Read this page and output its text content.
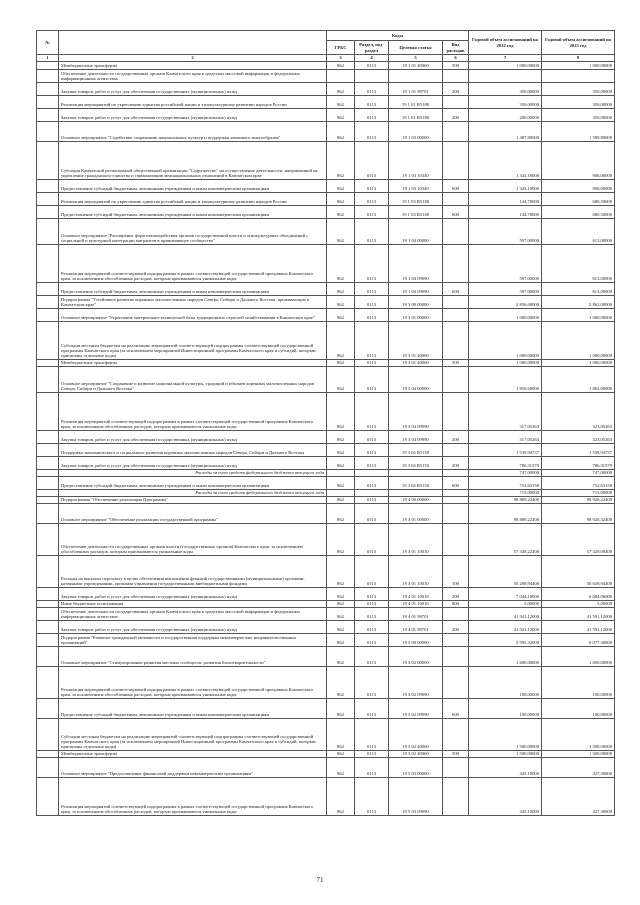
№		Коды				Годовой объем ассигнований на 2022 год	Годовой объем ассигнований на 2023 год
		ГРБС	Раздел, под-раздел	Целевая статья	Вид расходов		
1	2	3	4	5	6	7	8
	Межбюджетные трансферты	862	0113	19 1 01 40060	500	1 000,00000	1 000,00000
	Обеспечение деятельности государственных органов Камчатского края в средствах массовой информации и федеральных информационных агентствах						
	Закупка товаров, работ и услуг для обеспечения государственных (муниципальных) нужд	862	0113	19 1 01 98701	200	350,00000	350,00000
	Реализация мероприятий по укреплению единства российской нации и этнокультурному развитию народов России	862	0113	19 1 01 R5180		350,00000	350,00000
	Закупка товаров, работ и услуг для обеспечения государственных (муниципальных) нужд	862	0113	19 1 01 R5180	200	200,00000	350,00000
	Основное мероприятие "Содействие сохранению национальных культур и поддержки языкового многообразия"	862	0113	19 1 03 00000		1 487,80000	1 589,80000
	Субсидия Камчатской региональной общественной организации "Содружество" на осуществление деятельности, направленной на укрепление гражданского единства и гармонизацию межнациональных отношений в Камчатском крае	862	0113	19 1 03 10340		1 343,10000	906,00000
	Предоставление субсидий бюджетным, автономным учреждениям и иным некоммерческим организациям	862	0113	19 1 03 10340	600	1 343,10000	906,00000
	Реализация мероприятий по укреплению единства российской нации и этнокультурному развитию народов России	862	0113	19 1 03 R5180		144,70000	680,50000
	Предоставление субсидий бюджетным, автономным учреждениям и иным некоммерческим организациям	862	0113	19 1 03 R5180	600	144,70000	680,50000
	Основное мероприятие "Расширение форм взаимодействия органов государственной власти и этнокультурных объединений с социальной и культурной интеграции мигрантов в принимающее сообщество"	862	0113	19 1 04 00000		597,00000	613,00000
	Реализация мероприятий соответствующей подпрограммы в рамках соответствующей государственной программы Камчатского края, за исключением обособленных расходов, которым присваиваются уникальные коды	862	0113	19 1 04 09990		597,00000	613,00000
	Предоставление субсидий бюджетным, автономным учреждениям и иным некоммерческим организациям	862	0113	19 1 04 09990	600	597,00000	613,00000
	Подпрограмма "Устойчивое развитие коренных малочисленных народов Севера, Сибири и Дальнего Востока, проживающих в Камчатском крае"	862	0113	19 3 00 00000		2 856,60000	2 862,00000
	Основное мероприятие "Укрепление материально-технической базы традиционных отраслей хозяйствования в Камчатском крае"	862	0113	19 3 01 00000		1 000,00000	1 000,00000
	Субсидии местным бюджетам на реализацию мероприятий соответствующей подпрограммы соответствующей государственной программы Камчатского края (за исключением мероприятий Инвестиционной программы Камчатского края и субсидий, которым присвоены отдельные коды)	862	0113	19 3 01 40060		1 000,00000	1 000,00000
	Межбюджетные трансферты	862	0113	19 3 01 40060	500	1 000,00000	1 000,00000
	Основное мероприятие "Сохранение и развитие национальной культуры, традиций и обычаев коренных малочисленных народов Севера, Сибири и Дальнего Востока"	862	0113	19 3 04 00000		1 856,60000	1 862,00000
	Реализация мероприятий соответствующей подпрограммы в рамках соответствующей государственной программы Камчатского края, за исключением обособленных расходов, которым присваиваются уникальные коды	862	0113	19 3 04 09990		317,05263	323,05263
	Закупка товаров, работ и услуг для обеспечения государственных (муниципальных) нужд	862	0113	19 3 04 09990	200	317,05263	323,05263
	Поддержка экономического и социального развития коренных малочисленных народов Севера, Сибири и Дальнего Востока	862	0113	19 3 04 R5150		1 539,94737	1 538,94737
	Закупка товаров, работ и услуг для обеспечения государственных (муниципальных) нужд	862	0113	19 3 04 R5150	200	786,31579	786,31579
	Расходы за счет средств федерального бюджета текущего года					747,00000	747,00000
	Предоставление субсидий бюджетным, автономным учреждениям и иным некоммерческим организациям	862	0113	19 3 04 R5150	600	752,63158	752,63158
	Расходы за счет средств федерального бюджета текущего года					715,00000	715,00000
	Подпрограмма "Обеспечение реализации Программы"	862	0113	19 4 00 00000		98 889,22400	98 920,32400
	Основное мероприятие "Обеспечение реализации государственной программы"	862	0113	19 4 01 00000		98 889,22400	98 920,32400
	Обеспечение деятельности государственных органов власти (государственных органов) Камчатского края, за исключением обособленных расходов, которым присваиваются уникальные коды	862	0113	19 4 01 10010		57 348,22400	57 329,00400
	Расходы на выплаты персоналу в целях обеспечения выполнения функций государственными (муниципальными) органами, казенными учреждениями, органами управления государственными внебюджетными фондами	862	0113	19 4 01 10010	100	50 298,94400	50 639,94400
	Закупка товаров, работ и услуг для обеспечения государственных (муниципальных) нужд	862	0113	19 4 01 10010	200	7 044,18000	6 684,06000
	Иные бюджетные ассигнования	862	0113	19 4 01 10010	800	5,00000	5,00000
	Обеспечение деятельности государственных органов Камчатского края в средствах массовой информации и федеральных информационных агентствах	862	0113	19 4 01 98701		41 541,12000	41 591,12000
	Закупка товаров, работ и услуг для обеспечения государственных (муниципальных) нужд	862	0113	19 4 01 98701	200	41 541,12000	41 591,12000
	Подпрограмма "Развитие гражданской активности и государственная поддержка некоммерческих неправительственных организаций"	862	0113	19 5 00 00000		5 595,32000	6 077,30000
	Основное мероприятие "Стимулирование развития местных сообществ, развития благотворительности"	862	0113	19 5 02 00000		1 600,00000	1 600,00000
	Реализация мероприятий соответствующей подпрограммы в рамках соответствующей государственной программы Камчатского края, за исключением обособленных расходов, которым присваиваются уникальные коды	862	0113	19 5 02 09990		100,00000	100,00000
	Предоставление субсидий бюджетным, автономным учреждениям и иным некоммерческим организациям	862	0113	19 5 02 09990	600	100,00000	100,00000
	Субсидии местным бюджетам на реализацию мероприятий соответствующей подпрограммы соответствующей государственной программы Камчатского края (за исключением мероприятий Инвестиционной программы Камчатского края и субсидий, которым присвоены отдельные коды)	862	0113	19 5 02 40060		1 500,00000	1 500,00000
	Межбюджетные трансферты	862	0113	19 5 02 40060	500	1 500,00000	1 500,00000
	Основное мероприятие "Предоставление финансовой поддержки некоммерческим организациям"	862	0113	19 5 03 00000		345,10000	427,30000
	Реализация мероприятий соответствующей подпрограммы в рамках соответствующей государственной программы Камчатского края, за исключением обособленных расходов, которым присваиваются уникальные коды	862	0113	19 5 03 09990		345,10000	427,30000
71
